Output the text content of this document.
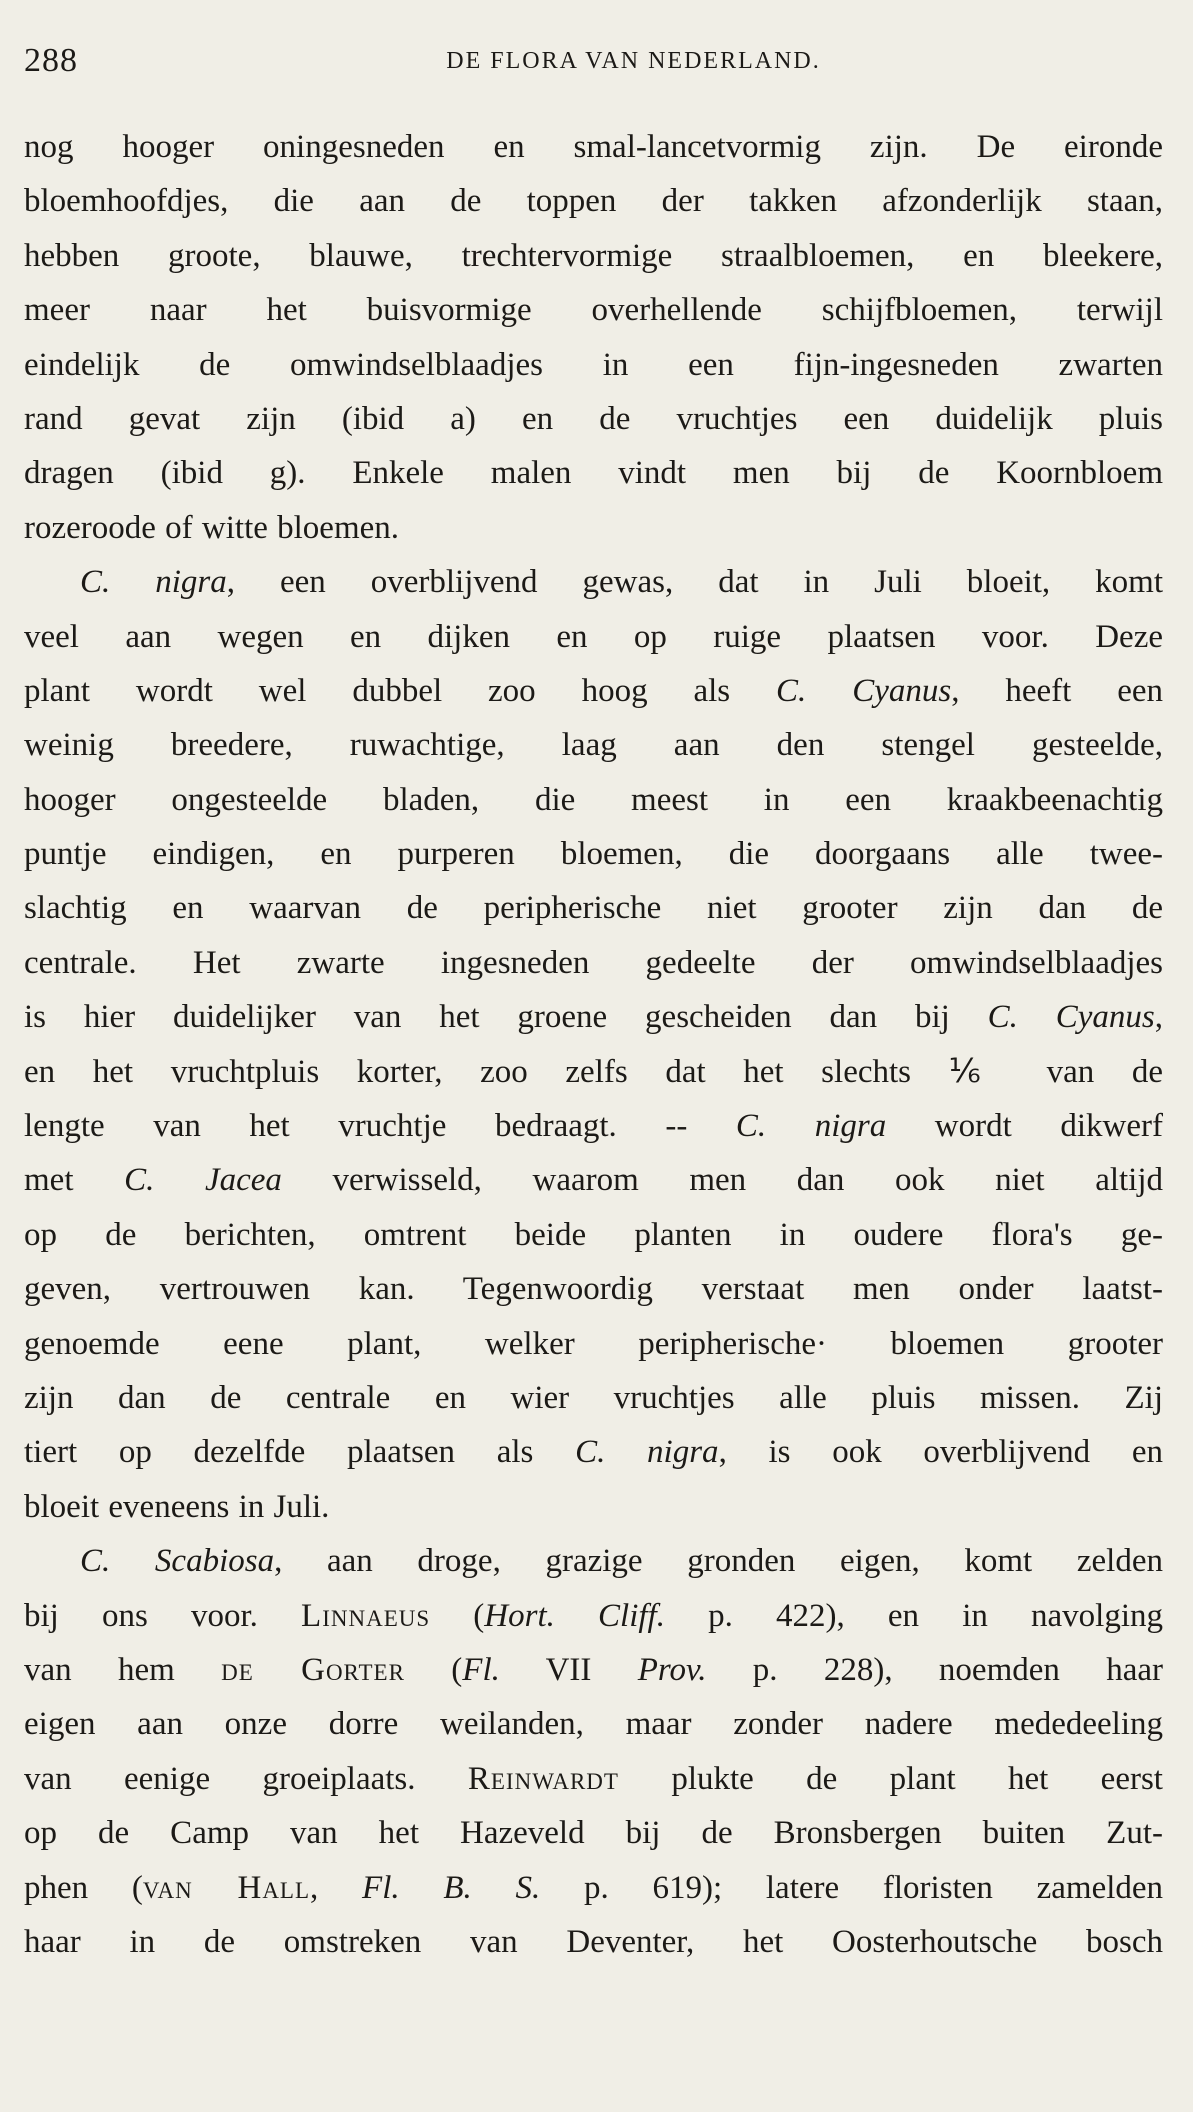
288	DE FLORA VAN NEDERLAND.
nog hooger oningesneden en smal-lancetvormig zijn. De eironde
bloemhoofdjes, die aan de toppen der takken afzonderlijk staan,
hebben groote, blauwe, trechtervormige straalbloemen, en bleekere,
meer naar het buisvormige overhellende schijfbloemen, terwijl
eindelijk de omwindselblaadjes in een fijn-ingesneden zwarten
rand gevat zijn (ibid a) en de vruchtjes een duidelijk pluis
dragen (ibid g). Enkele malen vindt men bij de Koornbloem
rozeroode of witte bloemen.
C. nigra, een overblijvend gewas, dat in Juli bloeit, komt
veel aan wegen en dijken en op ruige plaatsen voor. Deze
plant wordt wel dubbel zoo hoog als C. Cyanus, heeft een
weinig breedere, ruwachtige, laag aan den stengel gesteelde,
hooger ongesteelde bladen, die meest in een kraakbeenachtig
puntje eindigen, en purperen bloemen, die doorgaans alle twee-
slachtig en waarvan de peripherische niet grooter zijn dan de
centrale. Het zwarte ingesneden gedeelte der omwindselblaadjes
is hier duidelijker van het groene gescheiden dan bij C. Cyanus,
en het vruchtpluis korter, zoo zelfs dat het slechts ⅙ van de
lengte van het vruchtje bedraagt. -- C. nigra wordt dikwerf
met C. Jacea verwisseld, waarom men dan ook niet altijd
op de berichten, omtrent beide planten in oudere flora's ge-
geven, vertrouwen kan. Tegenwoordig verstaat men onder laatst-
genoemde eene plant, welker peripherische· bloemen grooter
zijn dan de centrale en wier vruchtjes alle pluis missen. Zij
tiert op dezelfde plaatsen als C. nigra, is ook overblijvend en
bloeit eveneens in Juli.
C. Scabiosa, aan droge, grazige gronden eigen, komt zelden
bij ons voor. Linnaeus (Hort. Cliff. p. 422), en in navolging
van hem de Gorter (Fl. VII Prov. p. 228), noemden haar
eigen aan onze dorre weilanden, maar zonder nadere mededeeling
van eenige groeiplaats. Reinwardt plukte de plant het eerst
op de Camp van het Hazeveld bij de Bronsbergen buiten Zut-
phen (van Hall, Fl. B. S. p. 619); latere floristen zamelden
haar in de omstreken van Deventer, het Oosterhoutsche bosch
